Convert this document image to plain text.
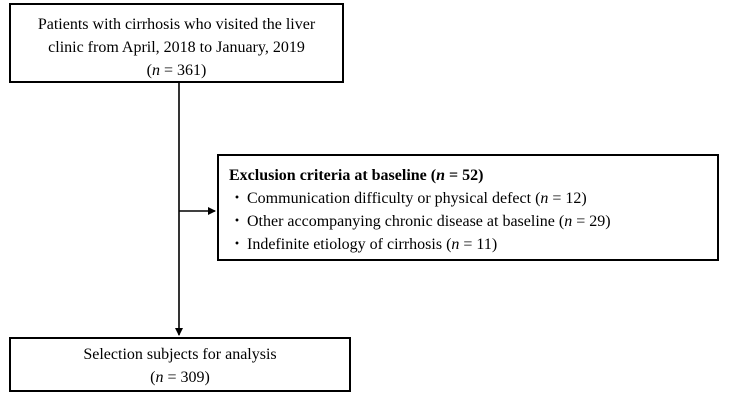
Patients with cirrhosis who visited the liver
clinic from April, 2018 to January, 2019
(n = 361)
Exclusion criteria at baseline (n = 52)
・ Communication difficulty or physical defect (n = 12)
・ Other accompanying chronic disease at baseline (n = 29)
・ Indefinite etiology of cirrhosis (n = 11)
Selection subjects for analysis
(n = 309)
